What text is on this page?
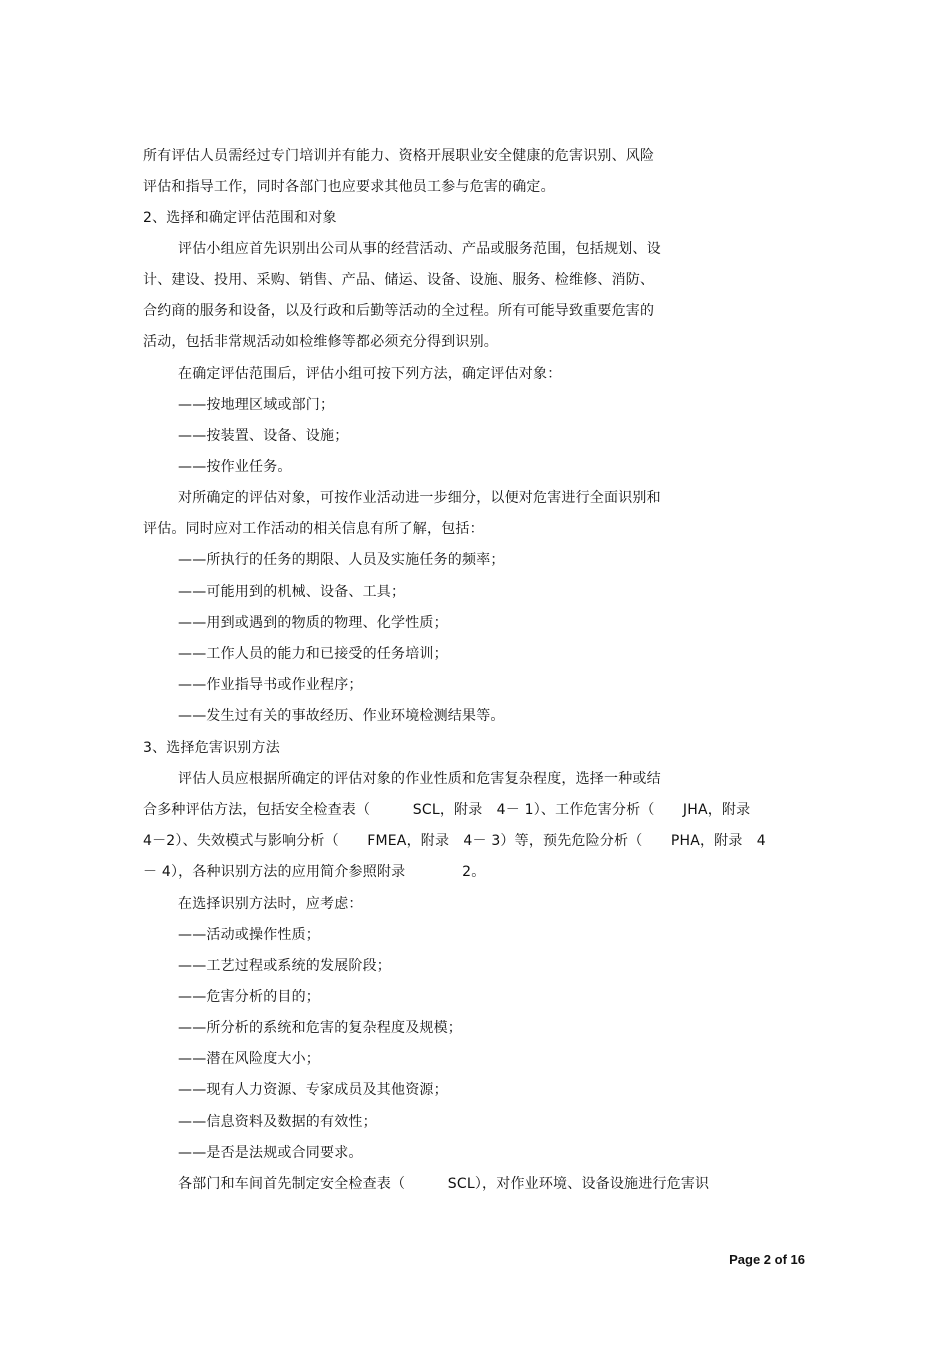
所有评估人员需经过专门培训并有能力、资格开展职业安全健康的危害识别、风险
评估和指导工作，同时各部门也应要求其他员工参与危害的确定。
2、选择和确定评估范围和对象
评估小组应首先识别出公司从事的经营活动、产品或服务范围，包括规划、设
计、建设、投用、采购、销售、产品、储运、设备、设施、服务、检维修、消防、
合约商的服务和设备，以及行政和后勤等活动的全过程。所有可能导致重要危害的
活动，包括非常规活动如检维修等都必须充分得到识别。
在确定评估范围后，评估小组可按下列方法，确定评估对象：
——按地理区域或部门；
——按装置、设备、设施；
——按作业任务。
对所确定的评估对象，可按作业活动进一步细分，以便对危害进行全面识别和
评估。同时应对工作活动的相关信息有所了解，包括：
——所执行的任务的期限、人员及实施任务的频率；
——可能用到的机械、设备、工具；
——用到或遇到的物质的物理、化学性质；
——工作人员的能力和已接受的任务培训；
——作业指导书或作业程序；
——发生过有关的事故经历、作业环境检测结果等。
3、选择危害识别方法
评估人员应根据所确定的评估对象的作业性质和危害复杂程度，选择一种或结
合多种评估方法，包括安全检查表（　　　SCL，附录　4－ 1）、工作危害分析（　　JHA，附录
4－2）、失效模式与影响分析（　　FMEA，附录　4－ 3）等，预先危险分析（　　PHA，附录　4
－ 4），各种识别方法的应用简介参照附录　　　　2。
在选择识别方法时，应考虑：
——活动或操作性质；
——工艺过程或系统的发展阶段；
——危害分析的目的；
——所分析的系统和危害的复杂程度及规模；
——潜在风险度大小；
——现有人力资源、专家成员及其他资源；
——信息资料及数据的有效性；
——是否是法规或合同要求。
各部门和车间首先制定安全检查表（　　　SCL），对作业环境、设备设施进行危害识
Page 2 of 16
